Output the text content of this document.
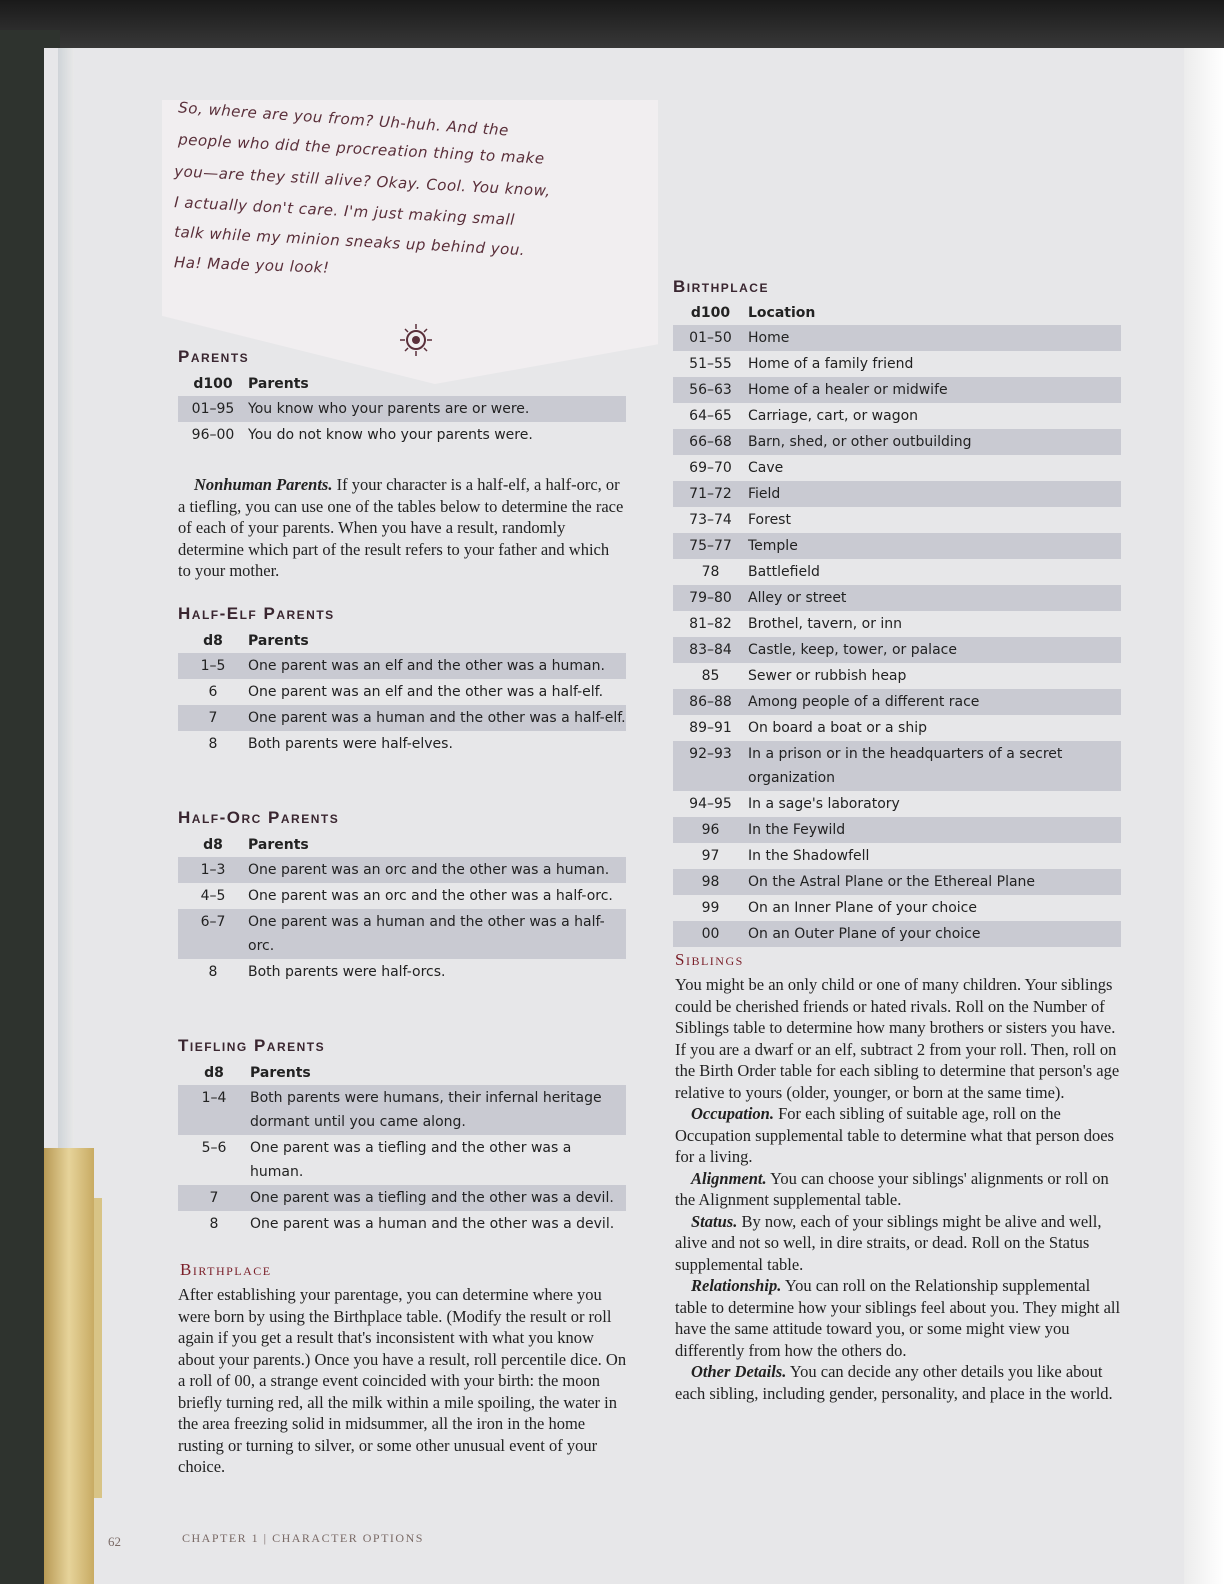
So, where are you from? Uh-huh. And the
people who did the procreation thing to make
you—are they still alive? Okay. Cool. You know,
I actually don't care. I'm just making small
talk while my minion sneaks up behind you.
Ha! Made you look!
Parents
d100	Parents
01–95	You know who your parents are or were.
96–00	You do not know who your parents were.

Nonhuman Parents. If your character is a half-elf, a half-orc, or a tiefling, you can use one of the tables below to determine the race of each of your parents. When you have a result, randomly determine which part of the result refers to your father and which to your mother.

Half-Elf Parents
d8	Parents
1–5	One parent was an elf and the other was a human.
6	One parent was an elf and the other was a half-elf.
7	One parent was a human and the other was a half-elf.
8	Both parents were half-elves.
Half-Orc Parents
d8	Parents
1–3	One parent was an orc and the other was a human.
4–5	One parent was an orc and the other was a half-orc.
6–7	One parent was a human and the other was a half-orc.
8	Both parents were half-orcs.
Tiefling Parents
d8	Parents
1–4	Both parents were humans, their infernal heritage dormant until you came along.
5–6	One parent was a tiefling and the other was a human.
7	One parent was a tiefling and the other was a devil.
8	One parent was a human and the other was a devil.
Birthplace

After establishing your parentage, you can determine where you were born by using the Birthplace table. (Modify the result or roll again if you get a result that's inconsistent with what you know about your parents.) Once you have a result, roll percentile dice. On a roll of 00, a strange event coincided with your birth: the moon briefly turning red, all the milk within a mile spoiling, the water in the area freezing solid in midsummer, all the iron in the home rusting or turning to silver, or some other unusual event of your choice.

Birthplace
d100	Location
01–50	Home
51–55	Home of a family friend
56–63	Home of a healer or midwife
64–65	Carriage, cart, or wagon
66–68	Barn, shed, or other outbuilding
69–70	Cave
71–72	Field
73–74	Forest
75–77	Temple
78	Battlefield
79–80	Alley or street
81–82	Brothel, tavern, or inn
83–84	Castle, keep, tower, or palace
85	Sewer or rubbish heap
86–88	Among people of a different race
89–91	On board a boat or a ship
92–93	In a prison or in the headquarters of a secret organization
94–95	In a sage's laboratory
96	In the Feywild
97	In the Shadowfell
98	On the Astral Plane or the Ethereal Plane
99	On an Inner Plane of your choice
00	On an Outer Plane of your choice
Siblings

You might be an only child or one of many children. Your siblings could be cherished friends or hated rivals. Roll on the Number of Siblings table to determine how many brothers or sisters you have. If you are a dwarf or an elf, subtract 2 from your roll. Then, roll on the Birth Order table for each sibling to determine that person's age relative to yours (older, younger, or born at the same time).

Occupation. For each sibling of suitable age, roll on the Occupation supplemental table to determine what that person does for a living.

Alignment. You can choose your siblings' alignments or roll on the Alignment supplemental table.

Status. By now, each of your siblings might be alive and well, alive and not so well, in dire straits, or dead. Roll on the Status supplemental table.

Relationship. You can roll on the Relationship supplemental table to determine how your siblings feel about you. They might all have the same attitude toward you, or some might view you differently from how the others do.

Other Details. You can decide any other details you like about each sibling, including gender, personality, and place in the world.

62	CHAPTER 1 | CHARACTER OPTIONS
